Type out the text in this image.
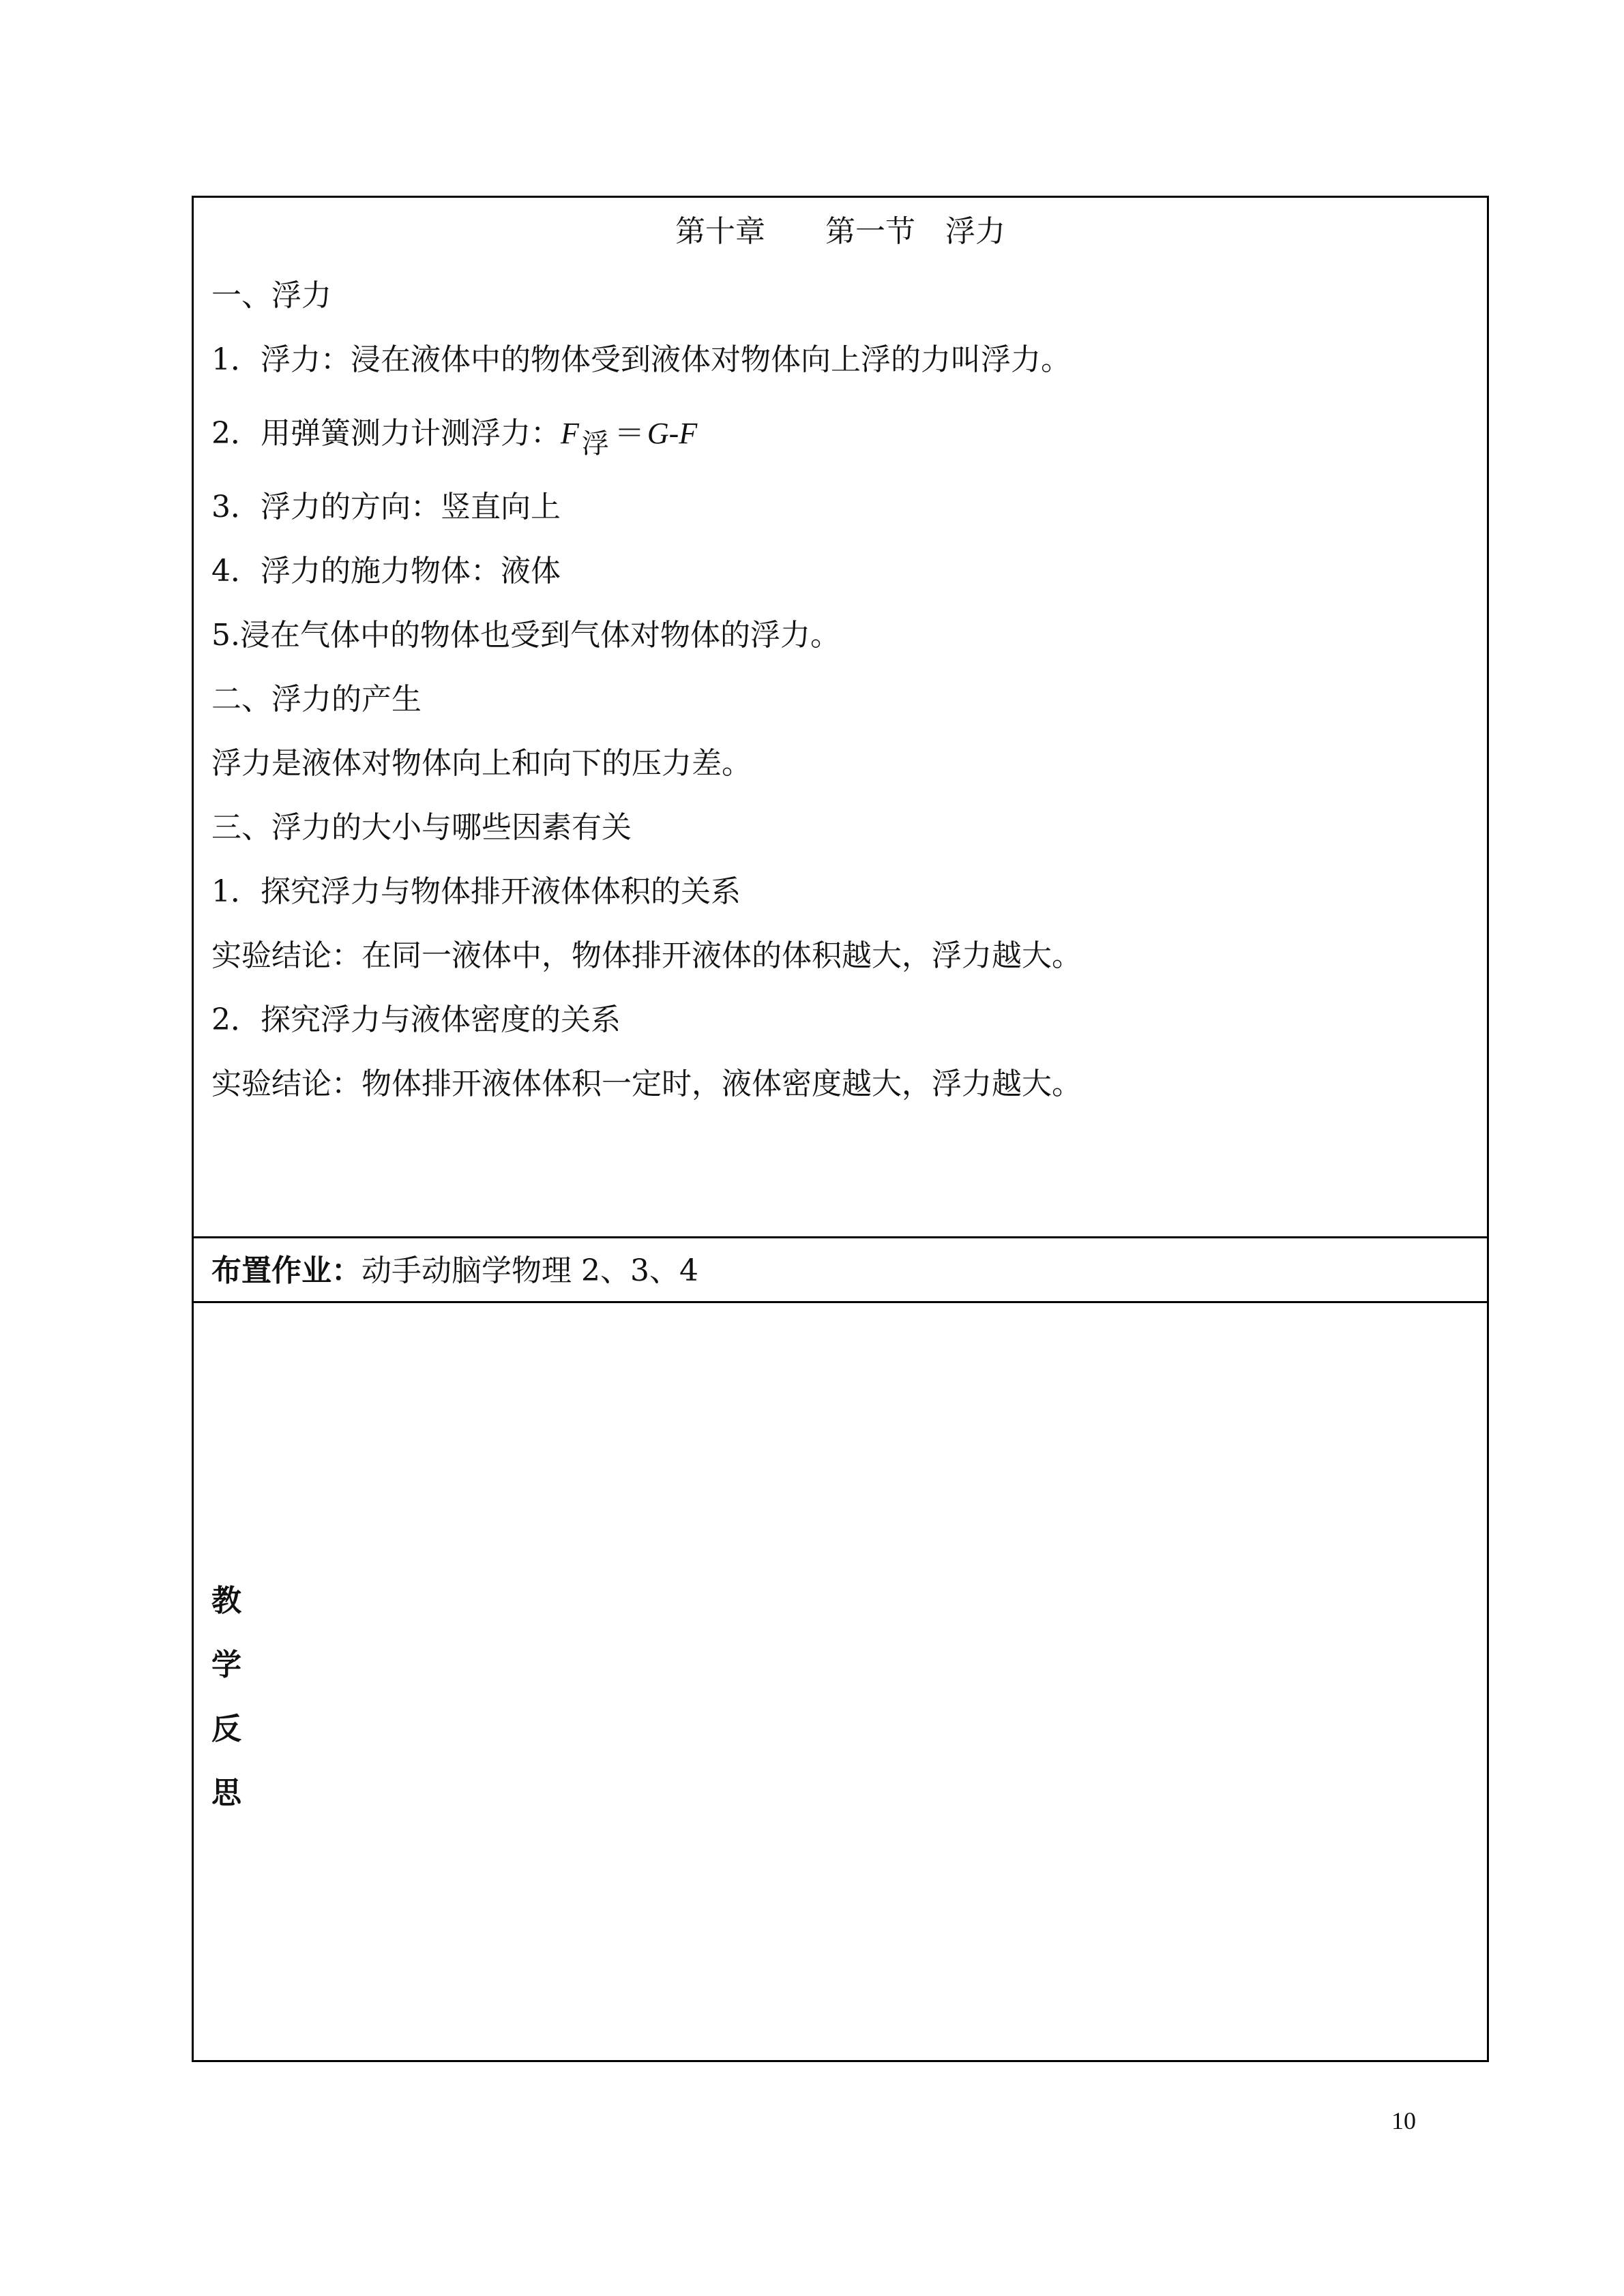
第十章　　第一节　浮力
一、浮力
1．浮力：浸在液体中的物体受到液体对物体向上浮的力叫浮力。
2．用弹簧测力计测浮力：F 浮 ＝G-F
3．浮力的方向：竖直向上
4．浮力的施力物体：液体
5.浸在气体中的物体也受到气体对物体的浮力。
二、浮力的产生
浮力是液体对物体向上和向下的压力差。
三、浮力的大小与哪些因素有关
1．探究浮力与物体排开液体体积的关系
实验结论：在同一液体中，物体排开液体的体积越大，浮力越大。
2．探究浮力与液体密度的关系
实验结论：物体排开液体体积一定时，液体密度越大，浮力越大。
布置作业：动手动脑学物理 2、3、4
教学反思
10
